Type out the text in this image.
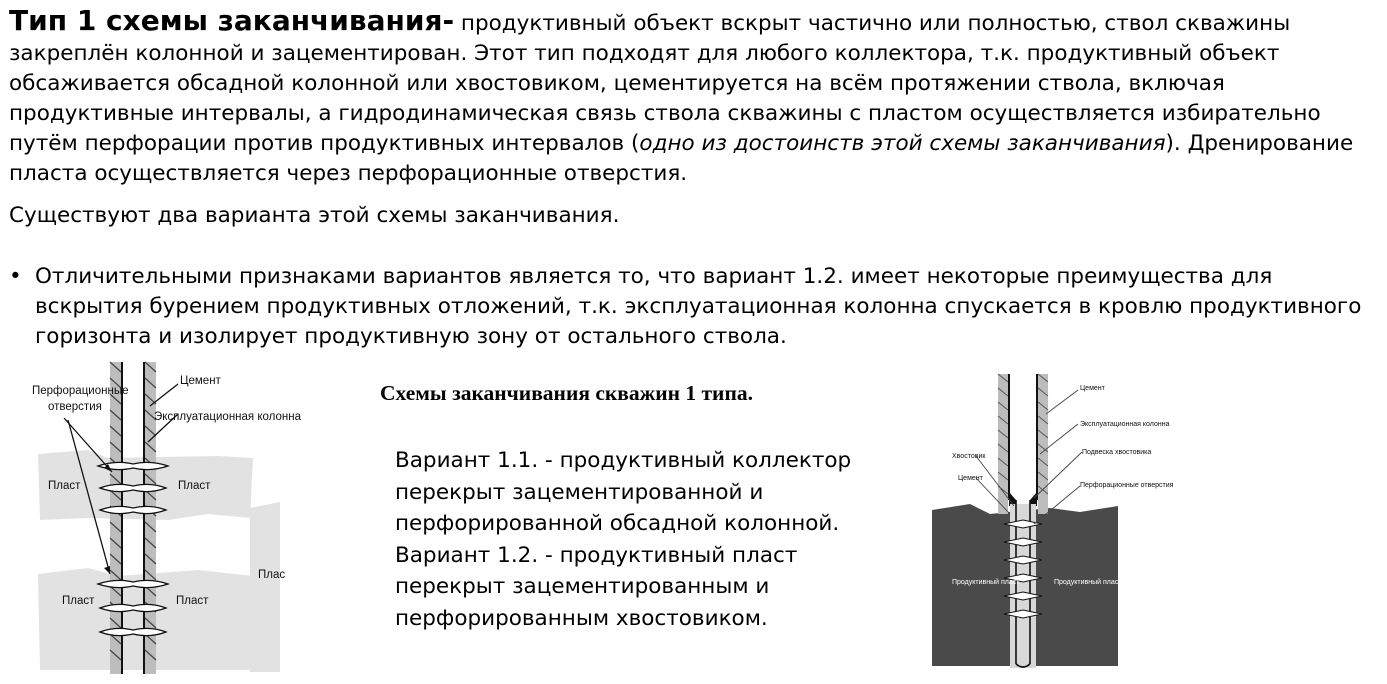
Тип 1 схемы заканчивания- продуктивный объект вскрыт частично или полностью, ствол скважины закреплён колонной и зацементирован. Этот тип подходят для любого коллектора, т.к. продуктивный объект обсаживается обсадной колонной или хвостовиком, цементируется на всём протяжении ствола, включая продуктивные интервалы, а гидродинамическая связь ствола скважины с пластом осуществляется избирательно путём перфорации против продуктивных интервалов (одно из достоинств этой схемы заканчивания). Дренирование пласта осуществляется через перфорационные отверстия.

Существуют два варианта этой схемы заканчивания.

• Отличительными признаками вариантов является то, что вариант 1.2. имеет некоторые преимущества для вскрытия бурением продуктивных отложений, т.к. эксплуатационная колонна спускается в кровлю продуктивного горизонта и изолирует продуктивную зону от остального ствола.
Схемы заканчивания скважин 1 типа.

Вариант 1.1. - продуктивный коллектор перекрыт зацементированной и перфорированной обсадной колонной.

Вариант 1.2. - продуктивный пласт перекрыт зацементированным и перфорированным хвостовиком.

Перфорационные
отверстия
Цемент
Эксплуатационная колонна
Пласт	Пласт
Пласт	Пласт
Плас
Цемент
Эксплуатационная колонна
Подвеска хвостовика
Перфорационные отверстия
Хвостовик
Цемент
Продуктивный пласт	Продуктивный пласт
